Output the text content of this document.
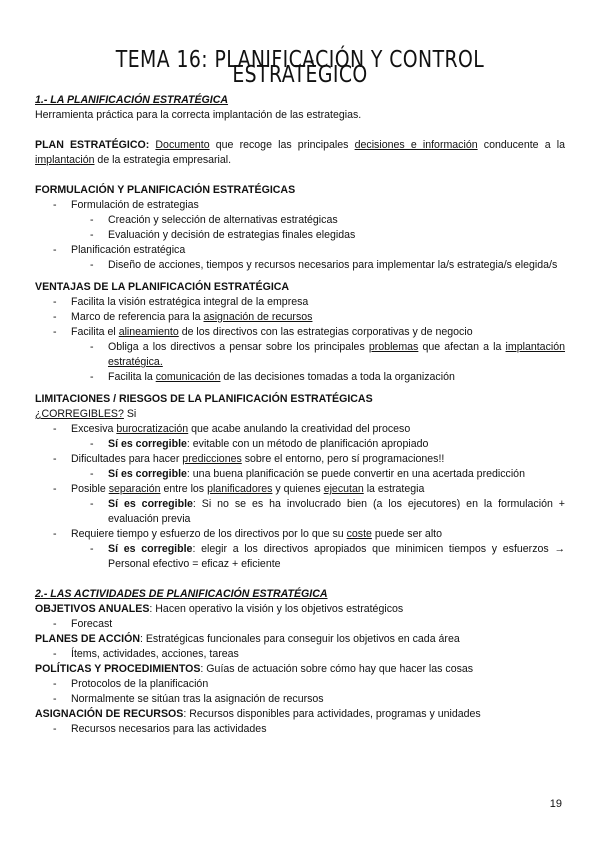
TEMA 16: PLANIFICACIÓN Y CONTROL ESTRATÉGICO
1.- LA PLANIFICACIÓN ESTRATÉGICA
Herramienta práctica para la correcta implantación de las estrategias.
PLAN ESTRATÉGICO: Documento que recoge las principales decisiones e información conducente a la implantación de la estrategia empresarial.
FORMULACIÓN Y PLANIFICACIÓN ESTRATÉGICAS
- Formulación de estrategias
- Creación y selección de alternativas estratégicas
- Evaluación y decisión de estrategias finales elegidas
- Planificación estratégica
- Diseño de acciones, tiempos y recursos necesarios para implementar la/s estrategia/s elegida/s
VENTAJAS DE LA PLANIFICACIÓN ESTRATÉGICA
- Facilita la visión estratégica integral de la empresa
- Marco de referencia para la asignación de recursos
- Facilita el alineamiento de los directivos con las estrategias corporativas y de negocio
- Obliga a los directivos a pensar sobre los principales problemas que afectan a la implantación estratégica.
- Facilita la comunicación de las decisiones tomadas a toda la organización
LIMITACIONES / RIESGOS DE LA PLANIFICACIÓN ESTRATÉGICAS
¿CORREGIBLES? Si
- Excesiva burocratización que acabe anulando la creatividad del proceso
- Sí es corregible: evitable con un método de planificación apropiado
- Dificultades para hacer predicciones sobre el entorno, pero sí programaciones!!
- Sí es corregible: una buena planificación se puede convertir en una acertada predicción
- Posible separación entre los planificadores y quienes ejecutan la estrategia
- Sí es corregible: Si no se es ha involucrado bien (a los ejecutores) en la formulación + evaluación previa
- Requiere tiempo y esfuerzo de los directivos por lo que su coste puede ser alto
- Sí es corregible: elegir a los directivos apropiados que minimicen tiempos y esfuerzos → Personal efectivo = eficaz + eficiente
2.- LAS ACTIVIDADES DE PLANIFICACIÓN ESTRATÉGICA
OBJETIVOS ANUALES: Hacen operativo la visión y los objetivos estratégicos
- Forecast
PLANES DE ACCIÓN: Estratégicas funcionales para conseguir los objetivos en cada área
- Ítems, actividades, acciones, tareas
POLÍTICAS Y PROCEDIMIENTOS: Guías de actuación sobre cómo hay que hacer las cosas
- Protocolos de la planificación
- Normalmente se sitúan tras la asignación de recursos
ASIGNACIÓN DE RECURSOS: Recursos disponibles para actividades, programas y unidades
- Recursos necesarios para las actividades
19
